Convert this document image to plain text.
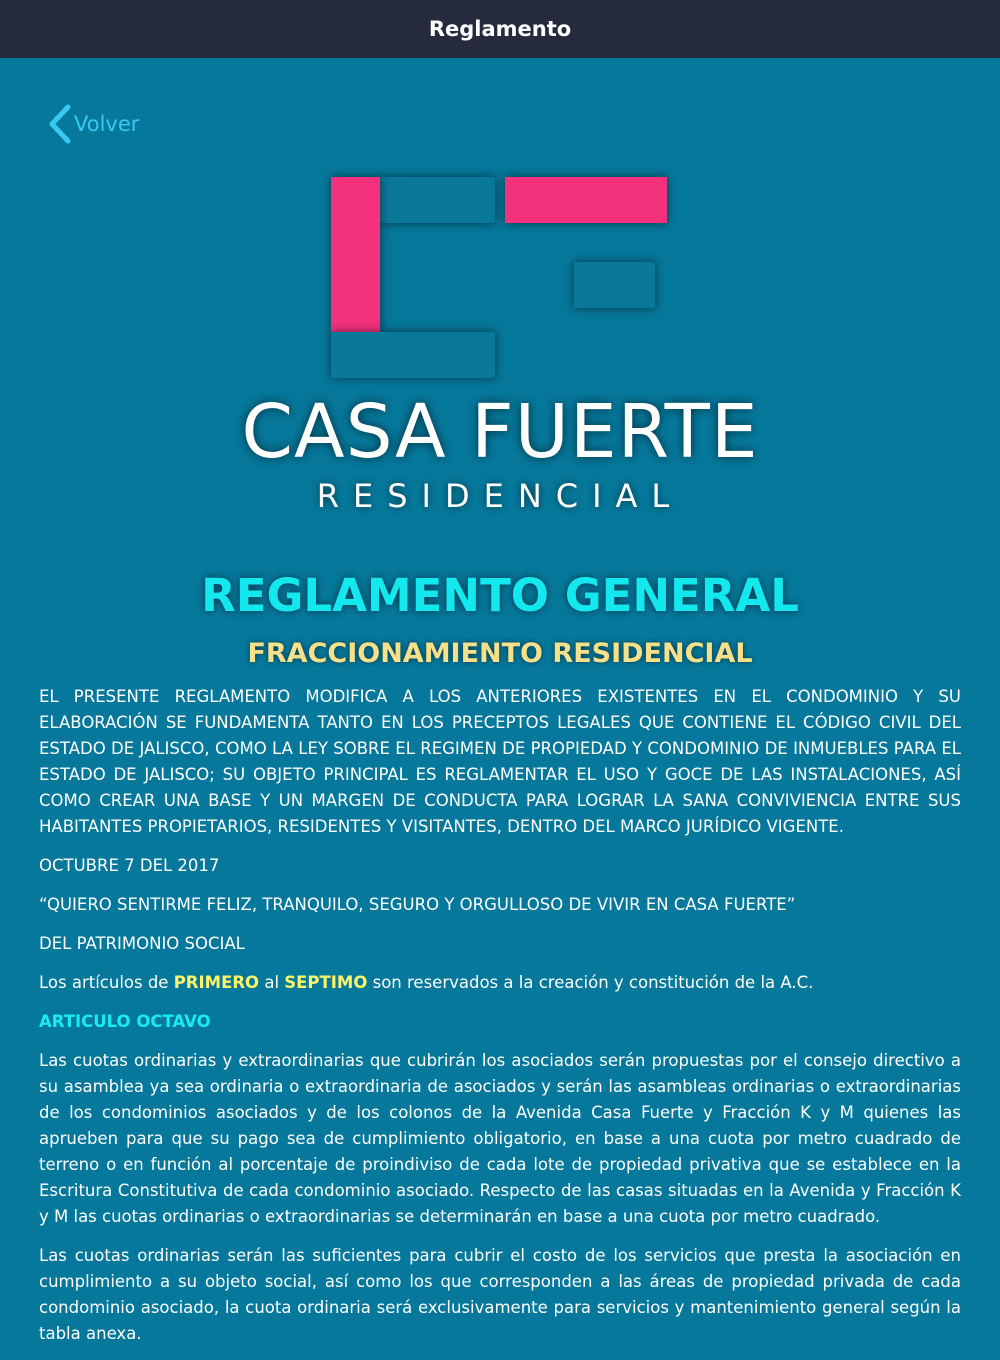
Reglamento
Volver
CASA FUERTE
RESIDENCIAL
REGLAMENTO GENERAL
FRACCIONAMIENTO RESIDENCIAL

EL PRESENTE REGLAMENTO MODIFICA A LOS ANTERIORES EXISTENTES EN EL CONDOMINIO Y SU ELABORACIÓN SE FUNDAMENTA TANTO EN LOS PRECEPTOS LEGALES QUE CONTIENE EL CÓDIGO CIVIL DEL ESTADO DE JALISCO, COMO LA LEY SOBRE EL REGIMEN DE PROPIEDAD Y CONDOMINIO DE INMUEBLES PARA EL ESTADO DE JALISCO; SU OBJETO PRINCIPAL ES REGLAMENTAR EL USO Y GOCE DE LAS INSTALACIONES, ASÍ COMO CREAR UNA BASE Y UN MARGEN DE CONDUCTA PARA LOGRAR LA SANA CONVIVIENCIA ENTRE SUS HABITANTES PROPIETARIOS, RESIDENTES Y VISITANTES, DENTRO DEL MARCO JURÍDICO VIGENTE.

OCTUBRE 7 DEL 2017

“QUIERO SENTIRME FELIZ, TRANQUILO, SEGURO Y ORGULLOSO DE VIVIR EN CASA FUERTE”

DEL PATRIMONIO SOCIAL

Los artículos de PRIMERO al SEPTIMO son reservados a la creación y constitución de la A.C.

ARTICULO OCTAVO

Las cuotas ordinarias y extraordinarias que cubrirán los asociados serán propuestas por el consejo directivo a su asamblea ya sea ordinaria o extraordinaria de asociados y serán las asambleas ordinarias o extraordinarias de los condominios asociados y de los colonos de la Avenida Casa Fuerte y Fracción K y M quienes las aprueben para que su pago sea de cumplimiento obligatorio, en base a una cuota por metro cuadrado de terreno o en función al porcentaje de proindiviso de cada lote de propiedad privativa que se establece en la Escritura Constitutiva de cada condominio asociado. Respecto de las casas situadas en la Avenida y Fracción K y M las cuotas ordinarias o extraordinarias se determinarán en base a una cuota por metro cuadrado.

Las cuotas ordinarias serán las suficientes para cubrir el costo de los servicios que presta la asociación en cumplimiento a su objeto social, así como los que corresponden a las áreas de propiedad privada de cada condominio asociado, la cuota ordinaria será exclusivamente para servicios y mantenimiento general según la tabla anexa.
